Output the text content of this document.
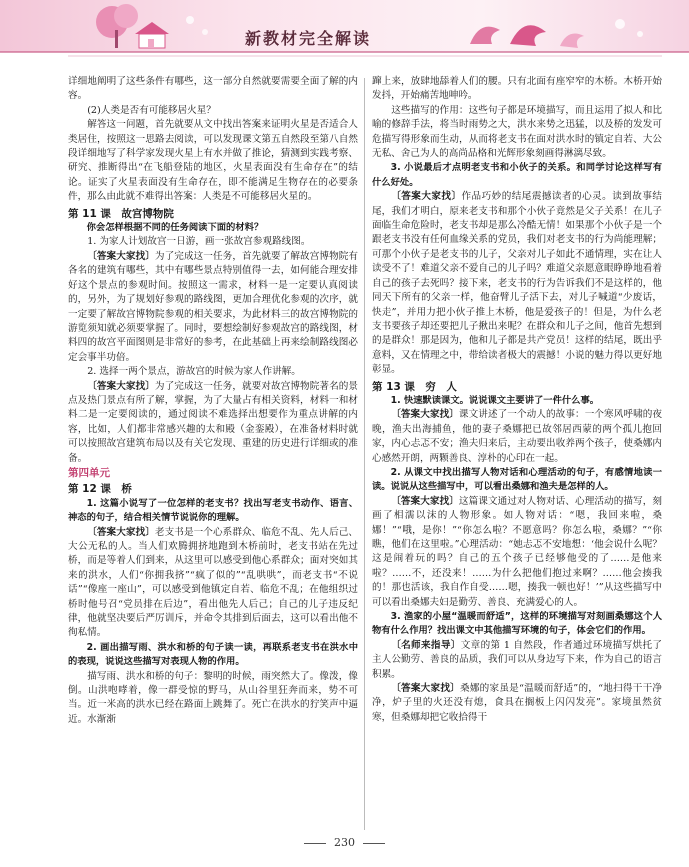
新教材完全解读

详细地阐明了这些条件有哪些，这一部分自然就要需要全面了解的内容。

(2)人类是否有可能移居火星？

解答这一问题，首先就要从文中找出答案来证明火星是否适合人类居住，按照这一思路去阅读，可以发现课文第五自然段至第八自然段详细地写了科学家发现火星上有水并做了推论，猜测到实践考察、研究、推断得出“在飞船登陆的地区，火星表面没有生命存在”的结论。证实了火星表面没有生命存在，即不能满足生物存在的必要条件，那么由此就不难得出答案：人类是不可能移居火星的。

第 11 课　故宫博物院

你会怎样根据不同的任务阅读下面的材料？

1. 为家人计划故宫一日游，画一张故宫参观路线图。

〔答案大家找〕为了完成这一任务，首先就要了解故宫博物院有各名的建筑有哪些，其中有哪些景点特别值得一去，如何能合理安排好这个景点的参观时间。按照这一需求，材料一是一定要认真阅读的，另外，为了规划好参观的路线图，更加合理优化参观的次序，就一定要了解故宫博物院参观的相关要求，为此材料三的故宫博物院的游览须知就必须要掌握了。同时，要想绘制好参观故宫的路线图，材料四的故宫平面图则是非常好的参考，在此基础上再来绘制路线图必定会事半功倍。

2. 选择一两个景点，游故宫的时候为家人作讲解。

〔答案大家找〕为了完成这一任务，就要对故宫博物院著名的景点及热门景点有所了解，掌握，为了大量占有相关资料，材料一和材料二是一定要阅读的，通过阅读不难选择出想要作为重点讲解的内容，比如，人们都非常感兴趣的太和殿（金銮殿），在准备材料时就可以按照故宫建筑布局以及有关它发现、重建的历史进行详细或的准备。

第四单元

第 12 课　桥

1. 这篇小说写了一位怎样的老支书？找出写老支书动作、语言、神态的句子，结合相关情节说说你的理解。

〔答案大家找〕老支书是一个心系群众、临危不乱、先人后己、大公无私的人。当人们欢腾拥挤地跑到木桥前时，老支书站在先过桥，而是等着人们到来，从这里可以感受到他心系群众；面对突如其来的洪水，人们“你拥我挤”“疯了似的”“乱哄哄”，而老支书“不说话”“像座一座山”，可以感受到他镇定自若、临危不乱；在他组织过桥时他号召“党员排在后边”，看出他先人后己；自己的儿子违反纪律，他就坚决要后严厉训斥，并命令其排到后面去，这可以看出他不徇私情。

2. 画出描写雨、洪水和桥的句子读一读，再联系老支书在洪水中的表现，说说这些描写对表现人物的作用。

描写雨、洪水和桥的句子：黎明的时候，雨突然大了。像泼，像倒。山洪咆哮着，像一群受惊的野马，从山谷里狂奔而来，势不可当。近一米高的洪水已经在路面上跳舞了。死亡在洪水的狞笑声中逼近。水渐渐

蹿上来，放肆地舔着人们的腰。只有北面有座窄窄的木桥。木桥开始发抖，开始痛苦地呻吟。

这些描写的作用：这些句子都是环境描写，而且运用了拟人和比喻的修辞手法，将当时雨势之大，洪水来势之迅猛，以及桥的发发可危描写得形象而生动，从而将老支书在面对洪水时的镇定自若、大公无私、舍己为人的高尚品格和光辉形象刻画得淋漓尽致。

3. 小说最后才点明老支书和小伙子的关系。和同学讨论这样写有什么好处。

〔答案大家找〕作品巧妙的结尾震撼读者的心灵。读到故事结尾，我们才明白，原来老支书和那个小伙子竟然是父子关系！在儿子面临生命危险时，老支书却是那么冷酷无情！如果那个小伙子是一个跟老支书没有任何血缘关系的党员，我们对老支书的行为尚能理解；可那个小伙子是老支书的儿子，父亲对儿子如此不通情理，实在让人读受不了！难道父亲不爱自己的儿子吗？难道父亲愿意眼睁睁地看着自己的孩子去死吗？接下来，老支书的行为告诉我们不是这样的，他同天下所有的父亲一样，他奋臂儿子活下去，对儿子喊道“少废话，快走”，并用力把小伙子推上木桥，他是爱孩子的！但是，为什么老支书要孩子却还要把儿子揪出来呢？在群众和儿子之间，他首先想到的是群众！那是因为，他和儿子都是共产党员！这样的结尾，既出乎意料，又在情理之中，带给读者极大的震撼！小说的魅力得以更好地彰显。

第 13 课　穷　人

1. 快速默读课文。说说课文主要讲了一件什么事。

〔答案大家找〕课文讲述了一个动人的故事：一个寒风呼啸的夜晚，渔夫出海捕鱼，他的妻子桑娜把已故邻居西蒙的两个孤儿抱回家，内心忐忑不安；渔夫归来后，主动要出收养两个孩子，使桑娜内心感然开朗，两颗善良、淳朴的心印在一起。

2. 从课文中找出描写人物对话和心理活动的句子，有感情地读一读。说说从这些描写中，可以看出桑娜和渔夫是怎样的人。

〔答案大家找〕这篇课文通过对人物对话、心理活动的描写，刻画了相濡以沫的人物形象。如人物对话：“嗯，我回来啦，桑娜！”“哦，是你！”“你怎么啦？不愿意吗？你怎么啦，桑娜？”“你瞧，他们在这里啦。”心理活动：“她忐忑不安地想：‘他会说什么呢？这是闹着玩的吗？自己的五个孩子已经够他受的了……是他来啦？……不，还没来！……为什么把他们抱过来啊？……他会揍我的！那也活该，我自作自受……嗯，揍我一顿也好！’”从这些描写中可以看出桑娜夫妇是勤劳、善良、充满爱心的人。

3. 渔家的小屋“温暖而舒适”，这样的环境描写对刻画桑娜这个人物有什么作用？找出课文中其他描写环境的句子，体会它们的作用。

〔名师来指导〕文章的第 1 自然段，作者通过环境描写烘托了主人公勤劳、善良的品质，我们可以从身边写下来，作为自己的语言积累。

〔答案大家找〕桑娜的家虽是“温暖而舒适”的，“地扫得干干净净，炉子里的火还没有熄，食具在搁板上闪闪发亮”。家境虽然贫寒，但桑娜却把它收拾得干

230
